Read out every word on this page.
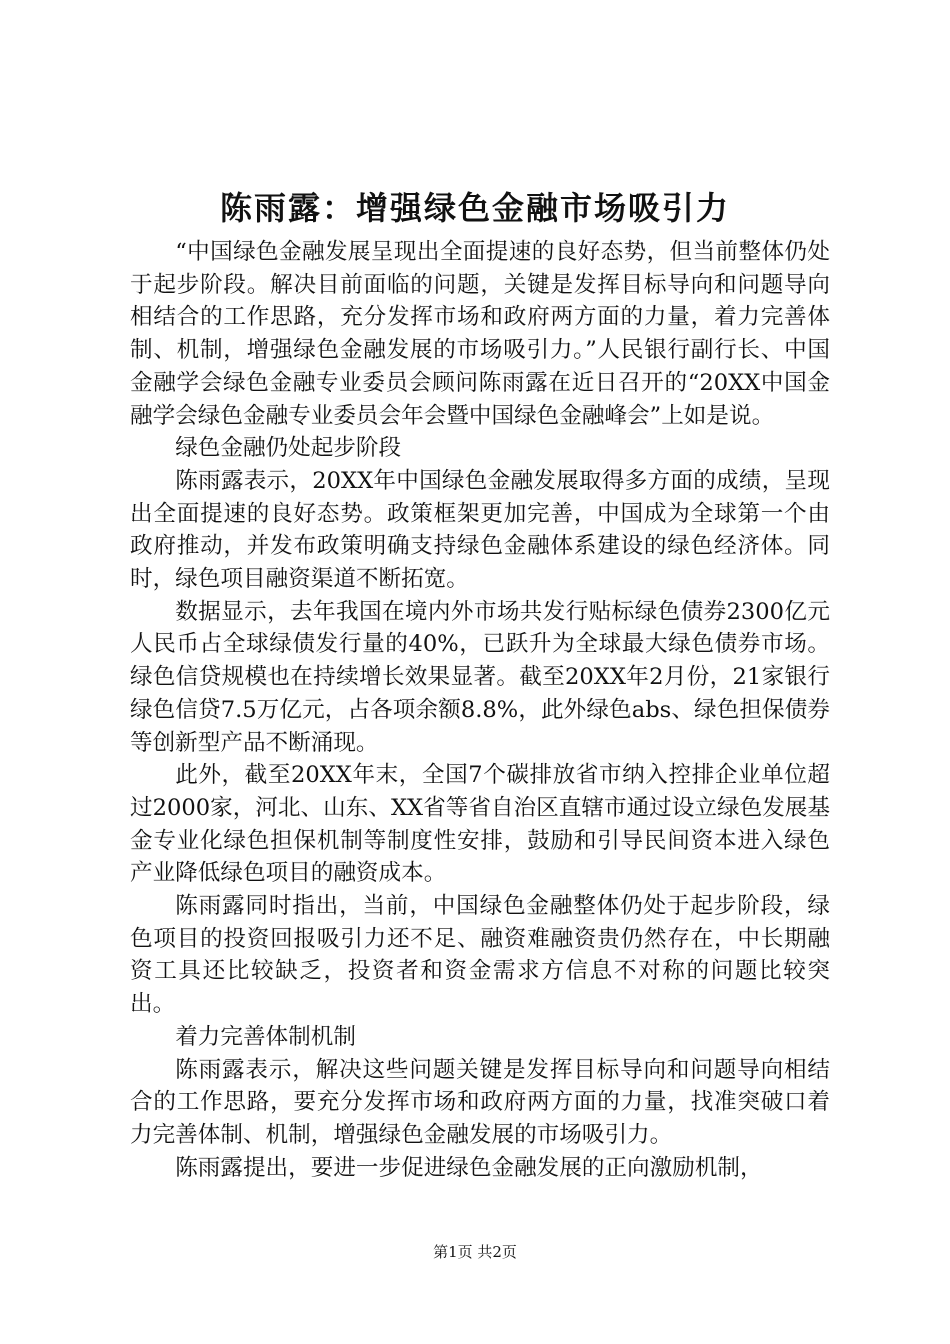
陈雨露：增强绿色金融市场吸引力

“中国绿色金融发展呈现出全面提速的良好态势，但当前整体仍处于起步阶段。解决目前面临的问题，关键是发挥目标导向和问题导向相结合的工作思路，充分发挥市场和政府两方面的力量，着力完善体制、机制，增强绿色金融发展的市场吸引力。”人民银行副行长、中国金融学会绿色金融专业委员会顾问陈雨露在近日召开的“20XX中国金融学会绿色金融专业委员会年会暨中国绿色金融峰会”上如是说。

绿色金融仍处起步阶段

陈雨露表示，20XX年中国绿色金融发展取得多方面的成绩，呈现出全面提速的良好态势。政策框架更加完善，中国成为全球第一个由政府推动，并发布政策明确支持绿色金融体系建设的绿色经济体。同时，绿色项目融资渠道不断拓宽。

数据显示，去年我国在境内外市场共发行贴标绿色债券2300亿元人民币占全球绿债发行量的40%，已跃升为全球最大绿色债券市场。绿色信贷规模也在持续增长效果显著。截至20XX年2月份，21家银行绿色信贷7.5万亿元，占各项余额8.8%，此外绿色abs、绿色担保债券等创新型产品不断涌现。

此外，截至20XX年末，全国7个碳排放省市纳入控排企业单位超过2000家，河北、山东、XX省等省自治区直辖市通过设立绿色发展基金专业化绿色担保机制等制度性安排，鼓励和引导民间资本进入绿色产业降低绿色项目的融资成本。

陈雨露同时指出，当前，中国绿色金融整体仍处于起步阶段，绿色项目的投资回报吸引力还不足、融资难融资贵仍然存在，中长期融资工具还比较缺乏，投资者和资金需求方信息不对称的问题比较突出。

着力完善体制机制

陈雨露表示，解决这些问题关键是发挥目标导向和问题导向相结合的工作思路，要充分发挥市场和政府两方面的力量，找准突破口着力完善体制、机制，增强绿色金融发展的市场吸引力。

陈雨露提出，要进一步促进绿色金融发展的正向激励机制，

第1页 共2页
